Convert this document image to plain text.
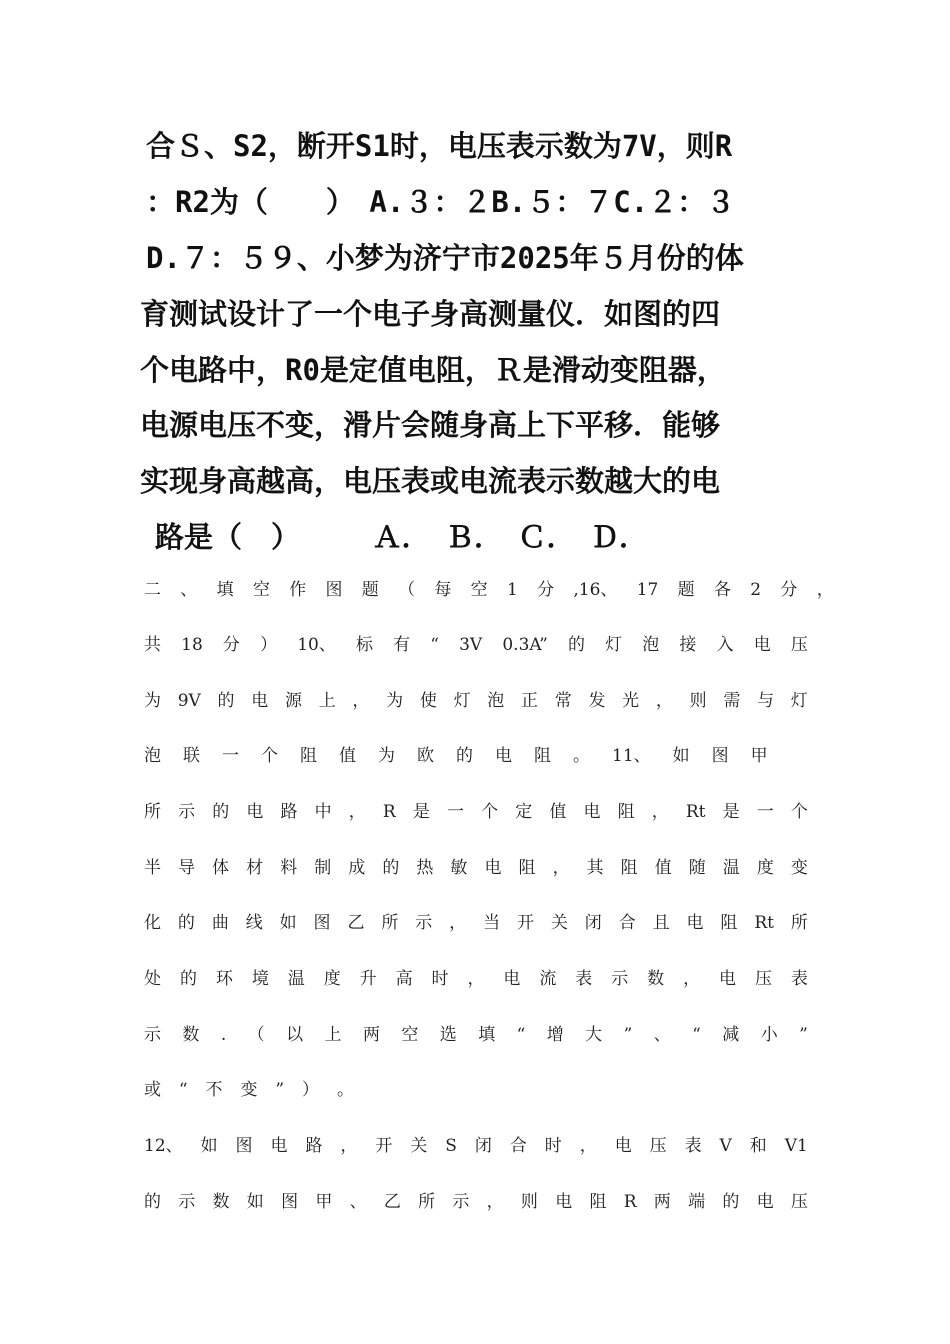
合Ｓ、S2，断开S1时，电压表示数为7V，则R
：R2为（　　）　A.３：２B.５：７C.２：３
D.７：５９、小梦为济宁市2025年５月份的体
育测试设计了一个电子身高测量仪．如图的四
个电路中，R0是定值电阻，Ｒ是滑动变阻器，
电源电压不变，滑片会随身高上下平移．能够
实现身高越高，电压表或电流表示数越大的电
路是（　）　　　Ａ．　Ｂ．　Ｃ．　Ｄ．
二 、 填 空 作 图 题 （ 每 空 1 分 ,16、 17 题 各 2 分 ，
共 18 分 ） 10、 标 有 “ 3V 0.3A” 的 灯 泡 接 入 电 压
为 9V 的 电 源 上 ， 为 使 灯 泡 正 常 发 光 ， 则 需 与 灯
泡 联 一 个 阻 值 为 欧 的 电 阻 。 11、 如 图 甲
所 示 的 电 路 中 ， R 是 一 个 定 值 电 阻 ， Rt 是 一 个
半 导 体 材 料 制 成 的 热 敏 电 阻 ， 其 阻 值 随 温 度 变
化 的 曲 线 如 图 乙 所 示 ， 当 开 关 闭 合 且 电 阻 Rt 所
处 的 环 境 温 度 升 高 时 ， 电 流 表 示 数 ， 电 压 表
示 数 . （ 以 上 两 空 选 填 “ 增 大 ” 、 “ 减 小 ”
或 “ 不 变 ” ） 。
12、 如 图 电 路 ， 开 关 S 闭 合 时 ， 电 压 表 V 和 V1
的 示 数 如 图 甲 、 乙 所 示 ， 则 电 阻 R 两 端 的 电 压
